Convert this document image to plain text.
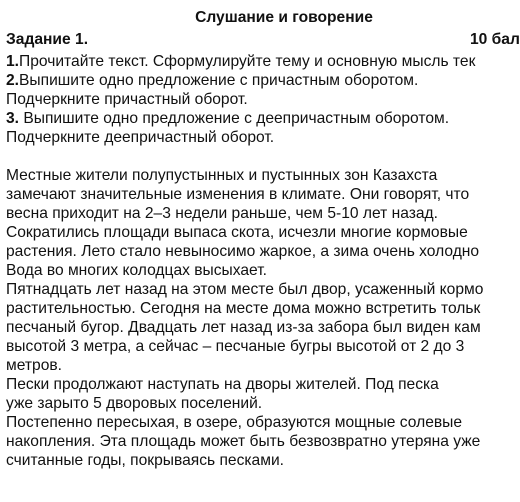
Слушание и говорение
Задание 1.	10 бал
1.Прочитайте текст. Сформулируйте тему и основную мысль тек
2.Выпишите одно предложение с причастным оборотом.
Подчеркните причастный оборот.
3. Выпишите одно предложение с деепричастным оборотом.
Подчеркните деепричастный оборот.
Местные жители полупустынных и пустынных зон Казахста
замечают значительные изменения в климате. Они говорят, что
весна приходит на 2–3 недели раньше, чем 5-10 лет назад.
Сократились площади выпаса скота, исчезли многие кормовые
растения. Лето стало невыносимо жаркое, а зима очень холодно
Вода во многих колодцах высыхает.
Пятнадцать лет назад на этом месте был двор, усаженный кормо
растительностью. Сегодня на месте дома можно встретить тольк
песчаный бугор. Двадцать лет назад из-за забора был виден кам
высотой 3 метра, а сейчас – песчаные бугры высотой от 2 до 3
метров.
Пески продолжают наступать на дворы жителей. Под песка
уже зарыто 5 дворовых поселений.
Постепенно пересыхая, в озере, образуются мощные солевые
накопления. Эта площадь может быть безвозвратно утеряна уже
считанные годы, покрываясь песками.
